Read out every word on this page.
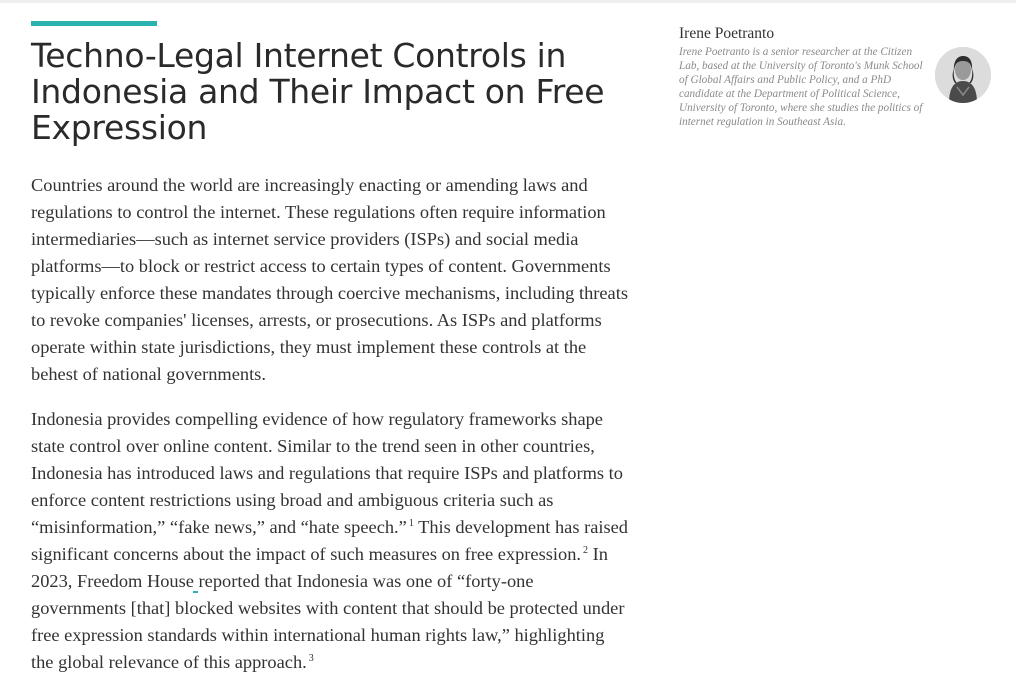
Techno-Legal Internet Controls in Indonesia and Their Impact on Free Expression

Countries around the world are increasingly enacting or amending laws and regulations to control the internet. These regulations often require information intermediaries—such as internet service providers (ISPs) and social media platforms—to block or restrict access to certain types of content. Governments typically enforce these mandates through coercive mechanisms, including threats to revoke companies' licenses, arrests, or prosecutions. As ISPs and platforms operate within state jurisdictions, they must implement these controls at the behest of national governments.

Indonesia provides compelling evidence of how regulatory frameworks shape state control over online content. Similar to the trend seen in other countries, Indonesia has introduced laws and regulations that require ISPs and platforms to enforce content restrictions using broad and ambiguous criteria such as “misinformation,” “fake news,” and “hate speech.” $^1$ This development has raised significant concerns about the impact of such measures on free expression. $^2$ In 2023, Freedom House reported that Indonesia was one of “forty-one governments [that] blocked websites with content that should be protected under free expression standards within international human rights law,” highlighting the global relevance of this approach. $^3$

Irene Poetranto
Irene Poetranto is a senior researcher at the Citizen Lab, based at the University of Toronto's Munk School of Global Affairs and Public Policy, and a PhD candidate at the Department of Political Science, University of Toronto, where she studies the politics of internet regulation in Southeast Asia.
